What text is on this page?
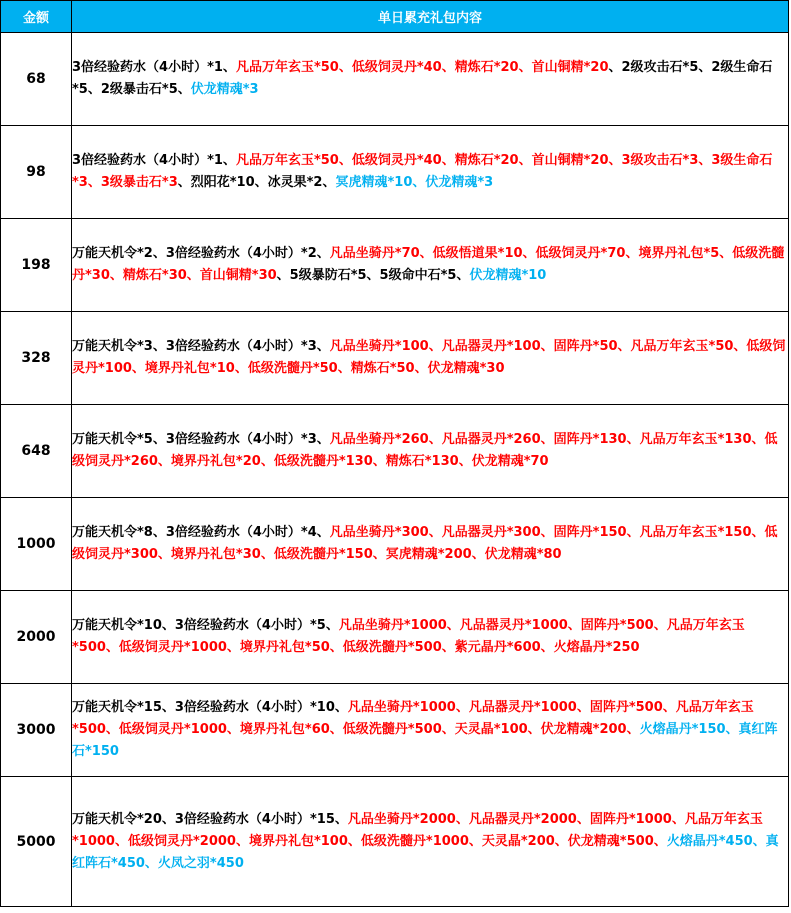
金额	单日累充礼包内容
68	3倍经验药水（4小时）*1、凡品万年玄玉*50、低级饲灵丹*40、精炼石*20、首山铜精*20、2级攻击石*5、2级生命石*5、2级暴击石*5、伏龙精魂*3
98	3倍经验药水（4小时）*1、凡品万年玄玉*50、低级饲灵丹*40、精炼石*20、首山铜精*20、3级攻击石*3、3级生命石*3、3级暴击石*3、烈阳花*10、冰灵果*2、冥虎精魂*10、伏龙精魂*3
198	万能天机令*2、3倍经验药水（4小时）*2、凡品坐骑丹*70、低级悟道果*10、低级饲灵丹*70、境界丹礼包*5、低级洗髓丹*30、精炼石*30、首山铜精*30、5级暴防石*5、5级命中石*5、伏龙精魂*10
328	万能天机令*3、3倍经验药水（4小时）*3、凡品坐骑丹*100、凡品器灵丹*100、固阵丹*50、凡品万年玄玉*50、低级饲灵丹*100、境界丹礼包*10、低级洗髓丹*50、精炼石*50、伏龙精魂*30
648	万能天机令*5、3倍经验药水（4小时）*3、凡品坐骑丹*260、凡品器灵丹*260、固阵丹*130、凡品万年玄玉*130、低级饲灵丹*260、境界丹礼包*20、低级洗髓丹*130、精炼石*130、伏龙精魂*70
1000	万能天机令*8、3倍经验药水（4小时）*4、凡品坐骑丹*300、凡品器灵丹*300、固阵丹*150、凡品万年玄玉*150、低级饲灵丹*300、境界丹礼包*30、低级洗髓丹*150、冥虎精魂*200、伏龙精魂*80
2000	万能天机令*10、3倍经验药水（4小时）*5、凡品坐骑丹*1000、凡品器灵丹*1000、固阵丹*500、凡品万年玄玉*500、低级饲灵丹*1000、境界丹礼包*50、低级洗髓丹*500、紫元晶丹*600、火熔晶丹*250
3000	万能天机令*15、3倍经验药水（4小时）*10、凡品坐骑丹*1000、凡品器灵丹*1000、固阵丹*500、凡品万年玄玉*500、低级饲灵丹*1000、境界丹礼包*60、低级洗髓丹*500、天灵晶*100、伏龙精魂*200、火熔晶丹*150、真红阵石*150
5000	万能天机令*20、3倍经验药水（4小时）*15、凡品坐骑丹*2000、凡品器灵丹*2000、固阵丹*1000、凡品万年玄玉*1000、低级饲灵丹*2000、境界丹礼包*100、低级洗髓丹*1000、天灵晶*200、伏龙精魂*500、火熔晶丹*450、真红阵石*450、火凤之羽*450
